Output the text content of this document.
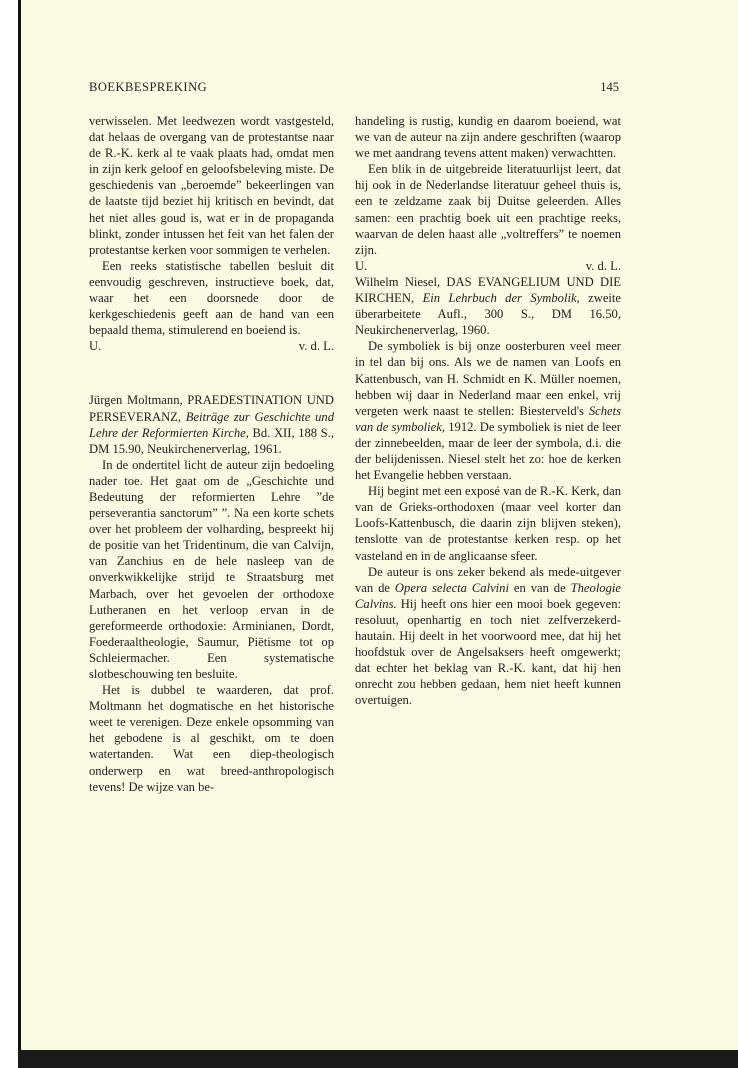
BOEKBESPREKING	145

verwisselen. Met leedwezen wordt vastgesteld, dat helaas de overgang van de protestantse naar de R.-K. kerk al te vaak plaats had, omdat men in zijn kerk geloof en geloofsbeleving miste. De geschiedenis van „beroemde” bekeerlingen van de laatste tijd beziet hij kritisch en bevindt, dat het niet alles goud is, wat er in de propaganda blinkt, zonder intussen het feit van het falen der protestantse kerken voor sommigen te verhelen.

Een reeks statistische tabellen besluit dit eenvoudig geschreven, instructieve boek, dat, waar het een doorsnede door de kerkgeschiedenis geeft aan de hand van een bepaald thema, stimulerend en boeiend is.

U.	v. d. L.

Jürgen Moltmann, PRAEDESTINATION UND PERSEVERANZ, Beiträge zur Geschichte und Lehre der Reformierten Kirche, Bd. XII, 188 S., DM 15.90, Neukirchenerverlag, 1961.

In de ondertitel licht de auteur zijn bedoeling nader toe. Het gaat om de „Geschichte und Bedeutung der reformierten Lehre ”de perseverantia sanctorum” ”. Na een korte schets over het probleem der volharding, bespreekt hij de positie van het Tridentinum, die van Calvijn, van Zanchius en de hele nasleep van de onverkwikkelijke strijd te Straatsburg met Marbach, over het gevoelen der orthodoxe Lutheranen en het verloop ervan in de gereformeerde orthodoxie: Arminianen, Dordt, Foederaaltheologie, Saumur, Piëtisme tot op Schleiermacher. Een systematische slotbeschouwing ten besluite.

Het is dubbel te waarderen, dat prof. Moltmann het dogmatische en het historische weet te verenigen. Deze enkele opsomming van het gebodene is al geschikt, om te doen watertanden. Wat een diep-theologisch onderwerp en wat breed-anthropologisch tevens! De wijze van be-

handeling is rustig, kundig en daarom boeiend, wat we van de auteur na zijn andere geschriften (waarop we met aandrang tevens attent maken) verwachtten.

Een blik in de uitgebreide literatuurlijst leert, dat hij ook in de Nederlandse literatuur geheel thuis is, een te zeldzame zaak bij Duitse geleerden. Alles samen: een prachtig boek uit een prachtige reeks, waarvan de delen haast alle „voltreffers” te noemen zijn.

U.	v. d. L.

Wilhelm Niesel, DAS EVANGELIUM UND DIE KIRCHEN, Ein Lehrbuch der Symbolik, zweite überarbeitete Aufl., 300 S., DM 16.50, Neukirchenerverlag, 1960.

De symboliek is bij onze oosterburen veel meer in tel dan bij ons. Als we de namen van Loofs en Kattenbusch, van H. Schmidt en K. Müller noemen, hebben wij daar in Nederland maar een enkel, vrij vergeten werk naast te stellen: Biesterveld's Schets van de symboliek, 1912. De symboliek is niet de leer der zinnebeelden, maar de leer der symbola, d.i. die der belijdenissen. Niesel stelt het zo: hoe de kerken het Evangelie hebben verstaan.

Hij begint met een exposé van de R.-K. Kerk, dan van de Grieks-orthodoxen (maar veel korter dan Loofs-Kattenbusch, die daarin zijn blijven steken), tenslotte van de protestantse kerken resp. op het vasteland en in de anglicaanse sfeer.

De auteur is ons zeker bekend als mede-uitgever van de Opera selecta Calvini en van de Theologie Calvins. Hij heeft ons hier een mooi boek gegeven: resoluut, openhartig en toch niet zelfverzekerd-hautain. Hij deelt in het voorwoord mee, dat hij het hoofdstuk over de Angelsaksers heeft omgewerkt; dat echter het beklag van R.-K. kant, dat hij hen onrecht zou hebben gedaan, hem niet heeft kunnen overtuigen.
